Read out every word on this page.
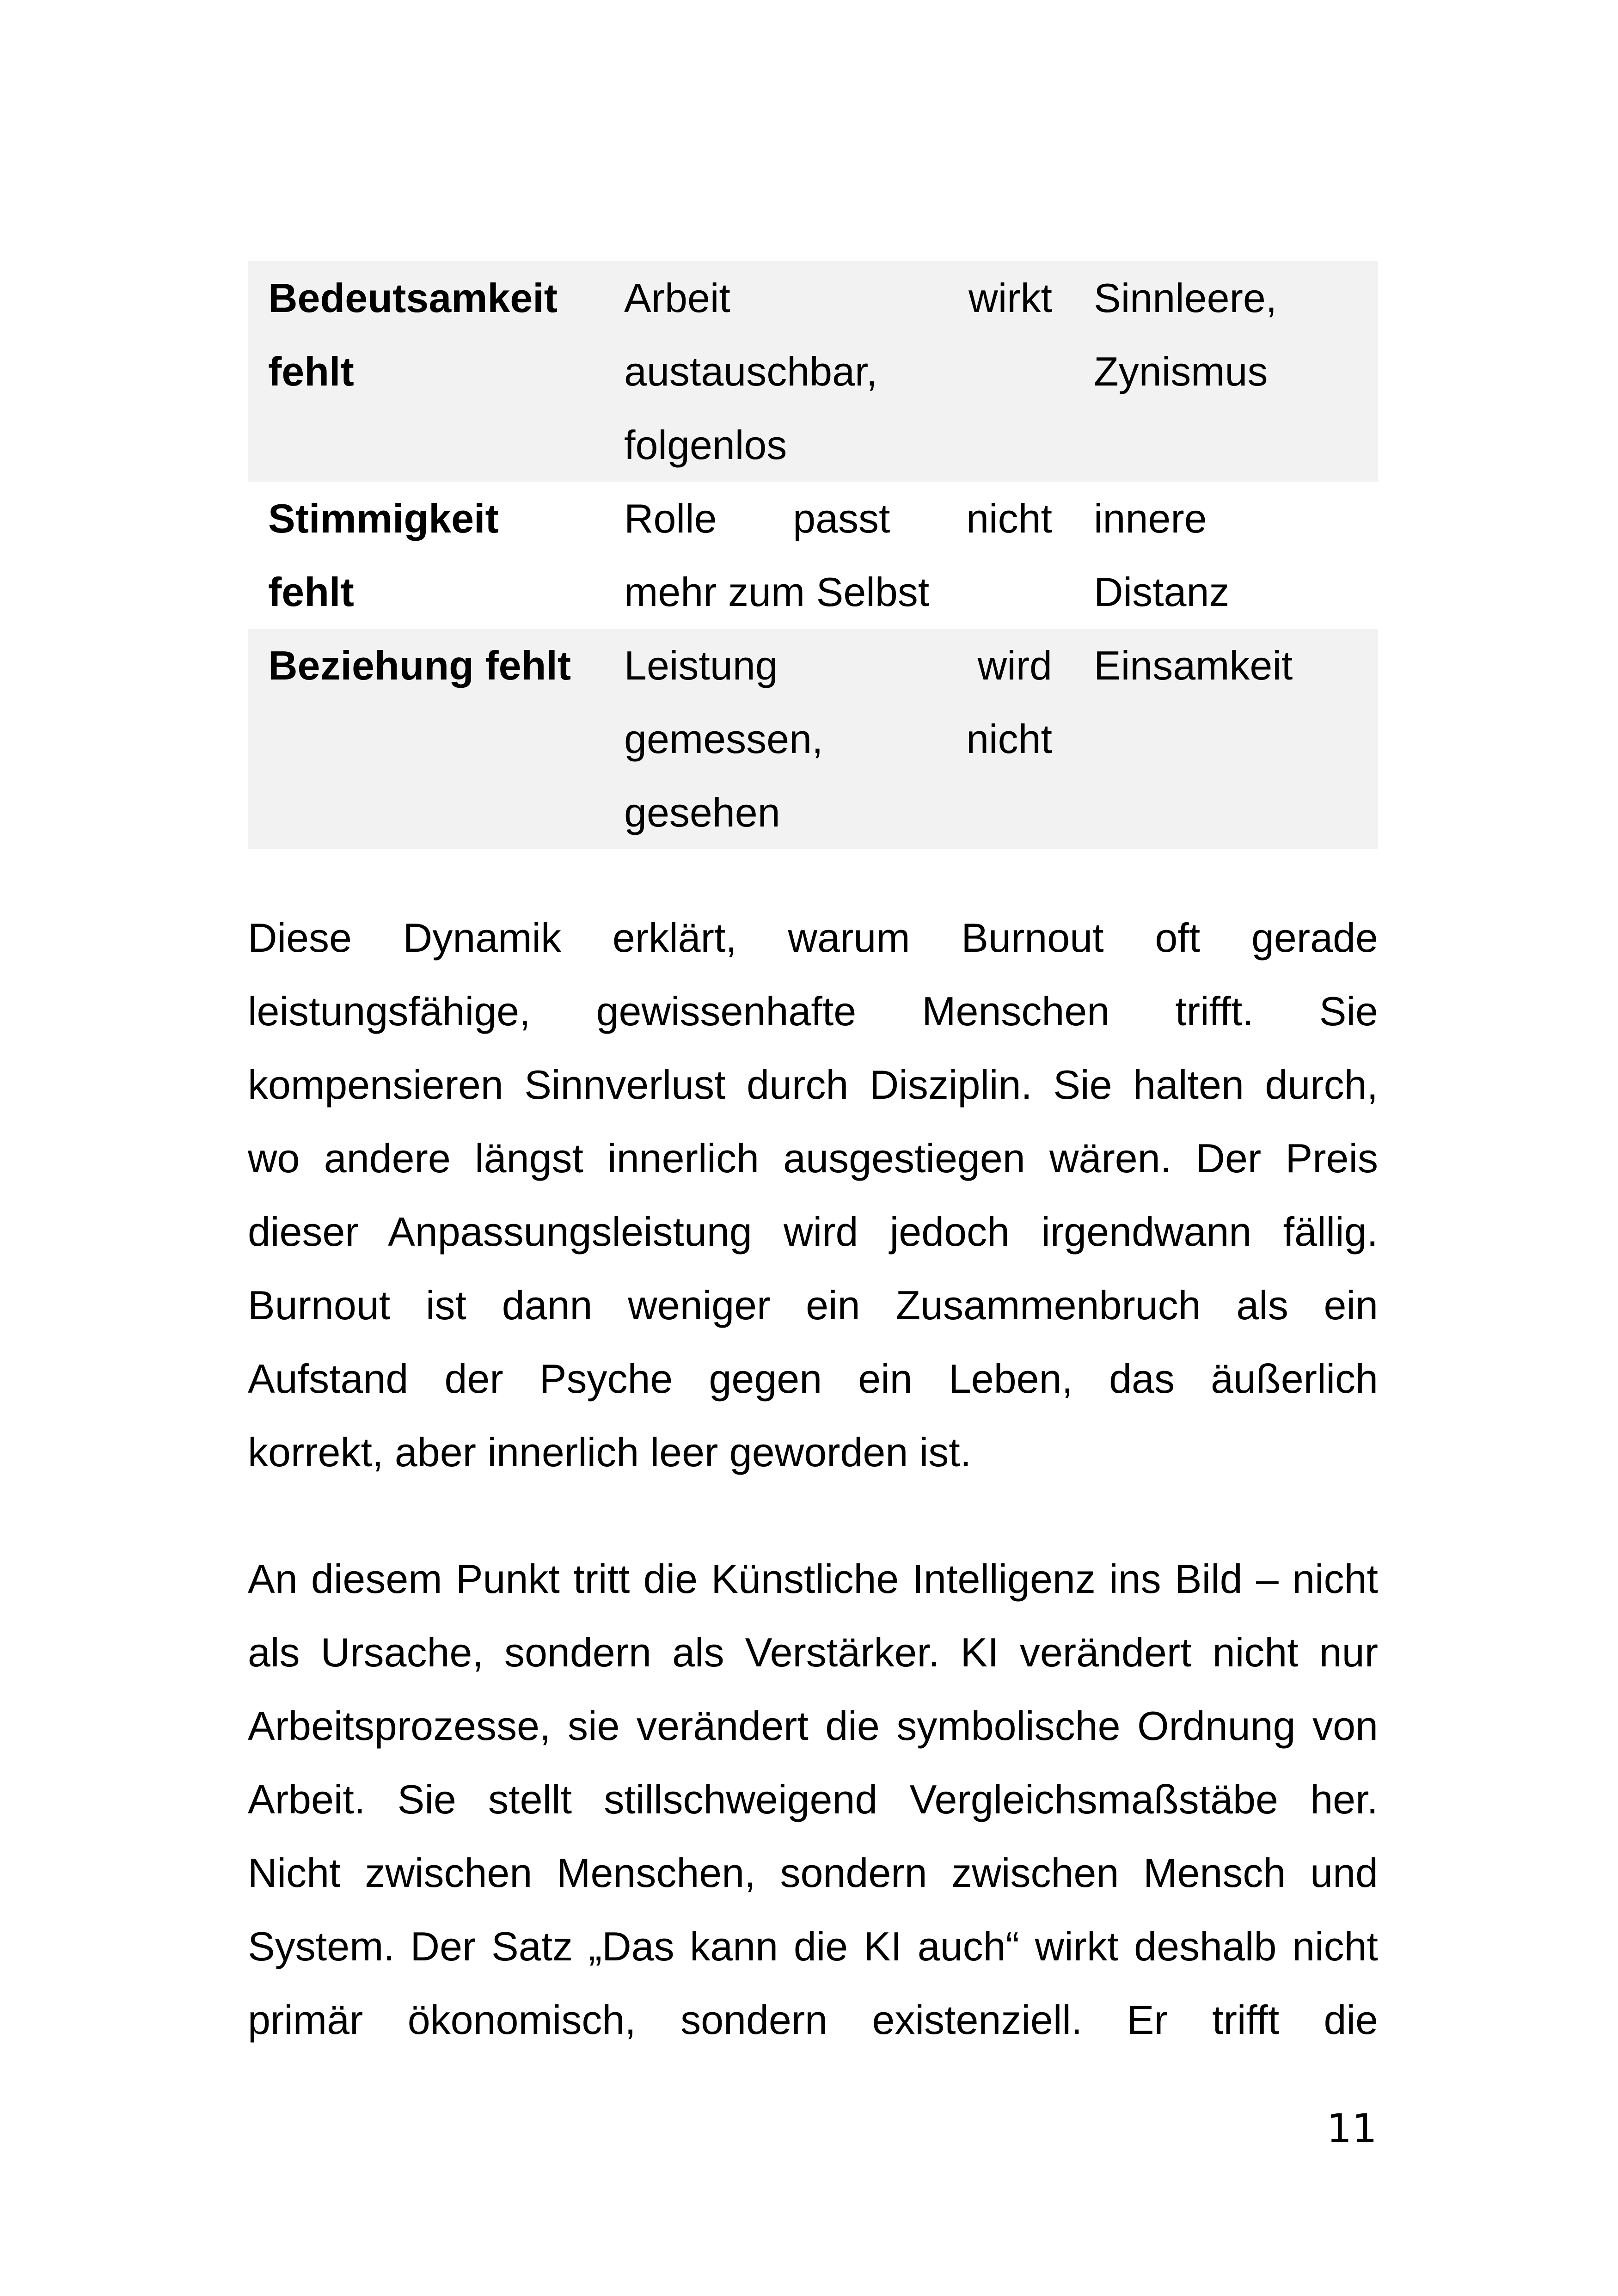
Bedeutsamkeit
fehlt
Arbeit wirkt
austauschbar,
folgenlos
Sinnleere,
Zynismus
Stimmigkeit
fehlt
Rolle passt nicht
mehr zum Selbst
innere
Distanz
Beziehung fehlt	Leistung wird
gemessen, nicht
gesehen
Einsamkeit

Diese Dynamik erklärt, warum Burnout oft gerade
leistungsfähige, gewissenhafte Menschen trifft. Sie
kompensieren Sinnverlust durch Disziplin. Sie halten durch,
wo andere längst innerlich ausgestiegen wären. Der Preis
dieser Anpassungsleistung wird jedoch irgendwann fällig.
Burnout ist dann weniger ein Zusammenbruch als ein
Aufstand der Psyche gegen ein Leben, das äußerlich
korrekt, aber innerlich leer geworden ist.

An diesem Punkt tritt die Künstliche Intelligenz ins Bild – nicht
als Ursache, sondern als Verstärker. KI verändert nicht nur
Arbeitsprozesse, sie verändert die symbolische Ordnung von
Arbeit. Sie stellt stillschweigend Vergleichsmaßstäbe her.
Nicht zwischen Menschen, sondern zwischen Mensch und
System. Der Satz „Das kann die KI auch“ wirkt deshalb nicht
primär ökonomisch, sondern existenziell. Er trifft die

11
